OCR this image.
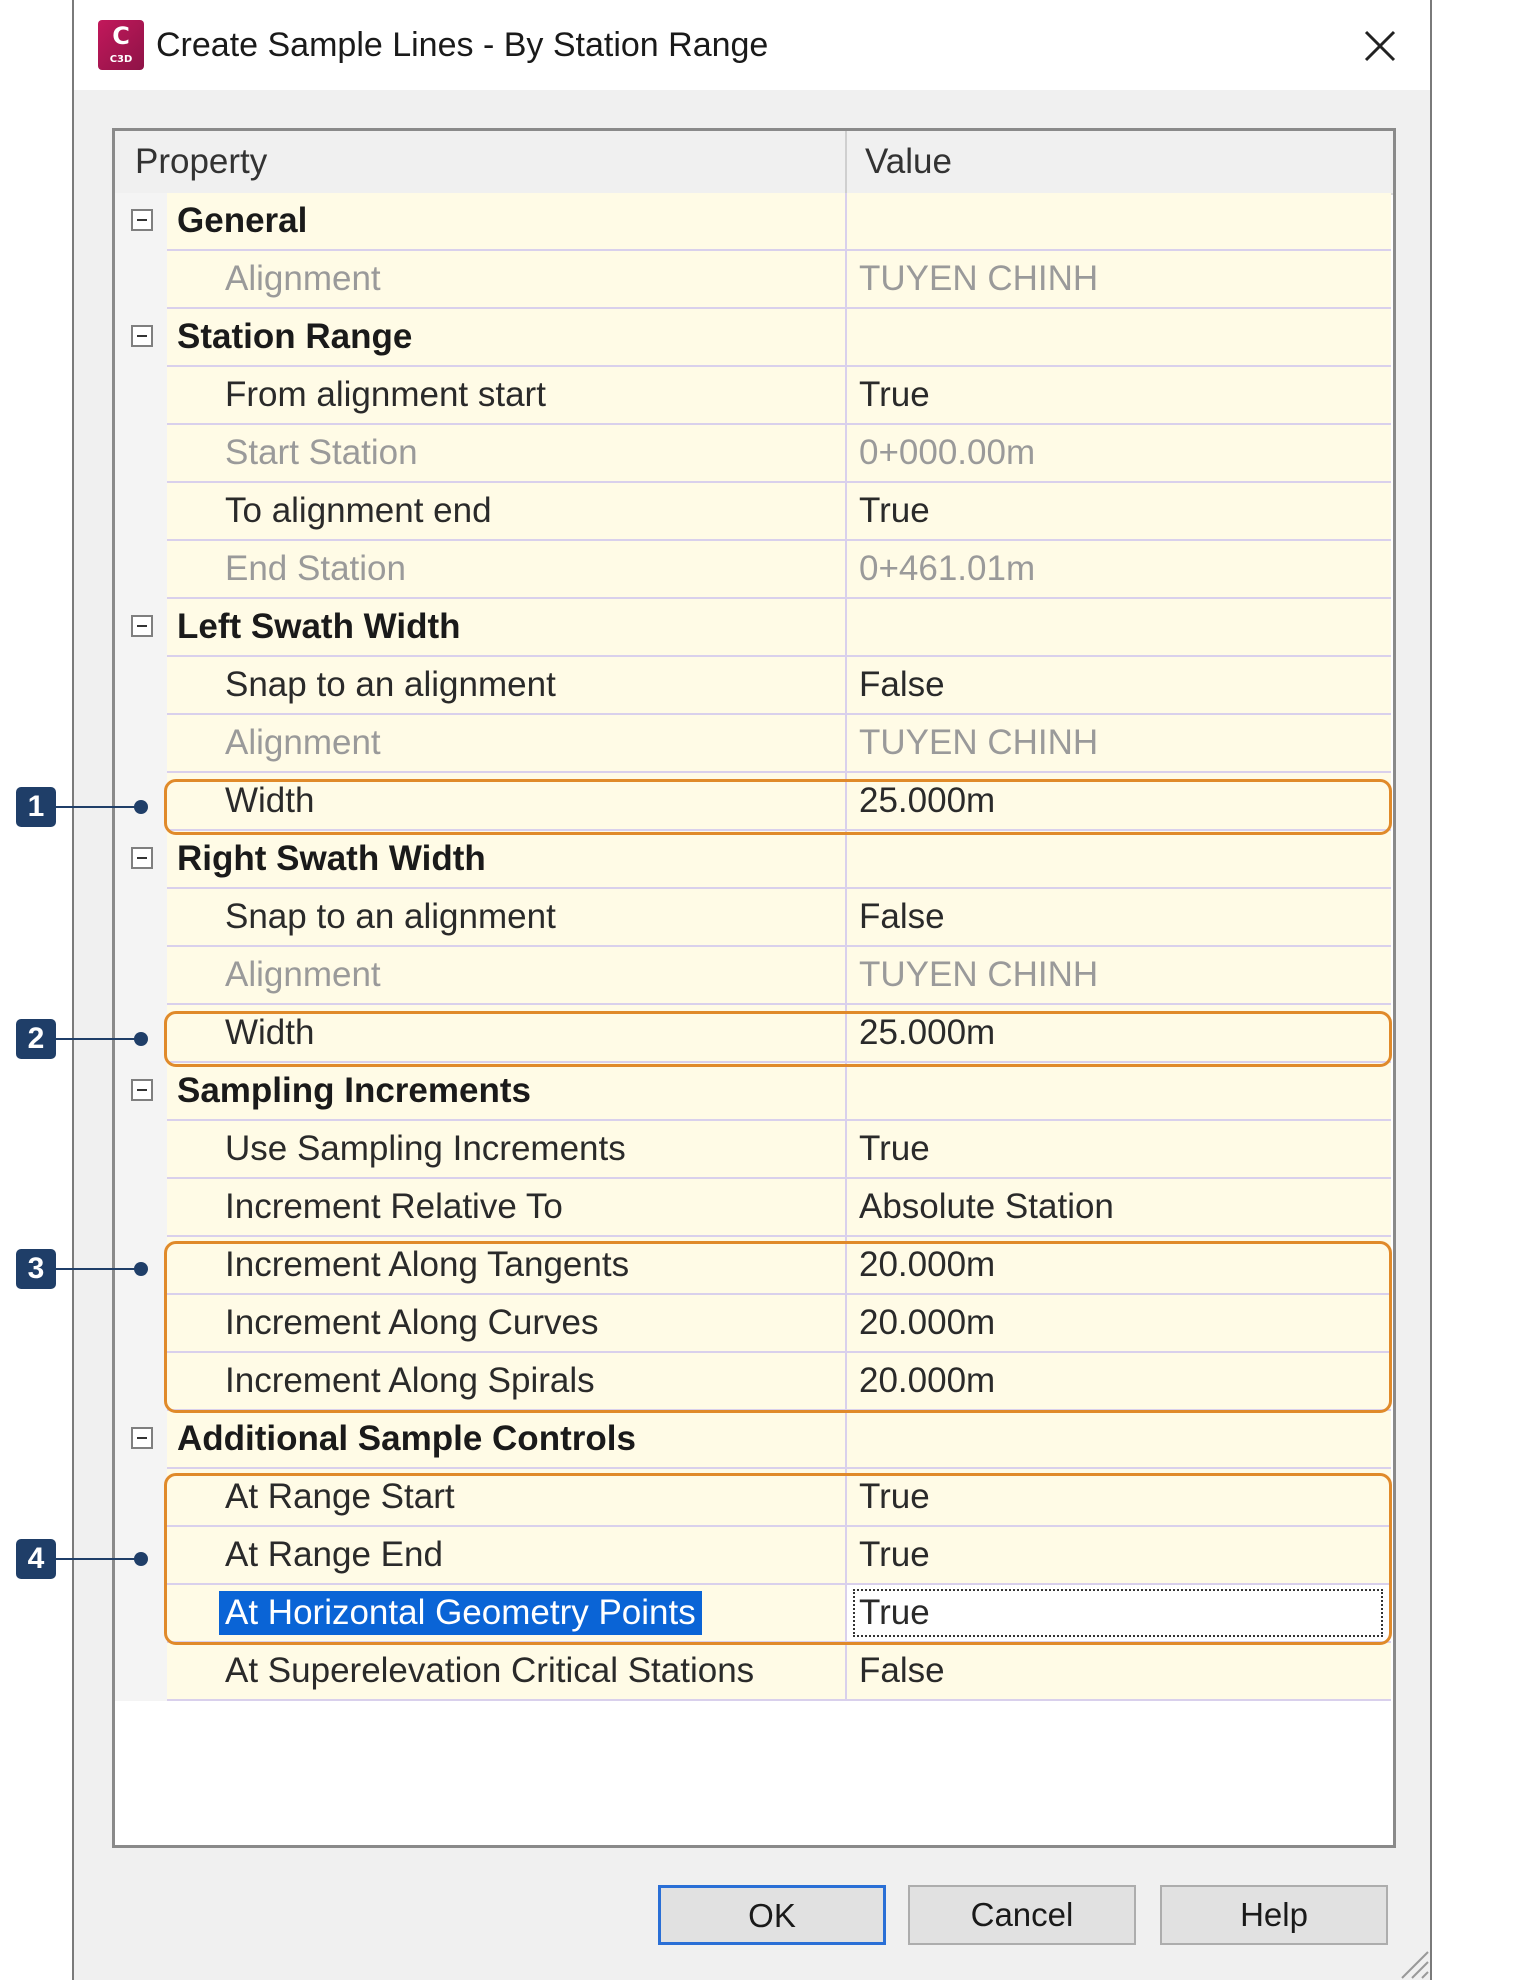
C
C3D Create Sample Lines - By Station Range
Property	Value
General
Alignment	TUYEN CHINH
Station Range
From alignment start	True
Start Station	0+000.00m
To alignment end	True
End Station	0+461.01m
Left Swath Width
Snap to an alignment	False
Alignment	TUYEN CHINH
Width	25.000m
Right Swath Width
Snap to an alignment	False
Alignment	TUYEN CHINH
Width	25.000m
Sampling Increments
Use Sampling Increments	True
Increment Relative To	Absolute Station
Increment Along Tangents	20.000m
Increment Along Curves	20.000m
Increment Along Spirals	20.000m
Additional Sample Controls
At Range Start	True
At Range End	True
At Horizontal Geometry Points	True
At Superelevation Critical Stations	False
OK	Cancel	Help
1
2
3
4
